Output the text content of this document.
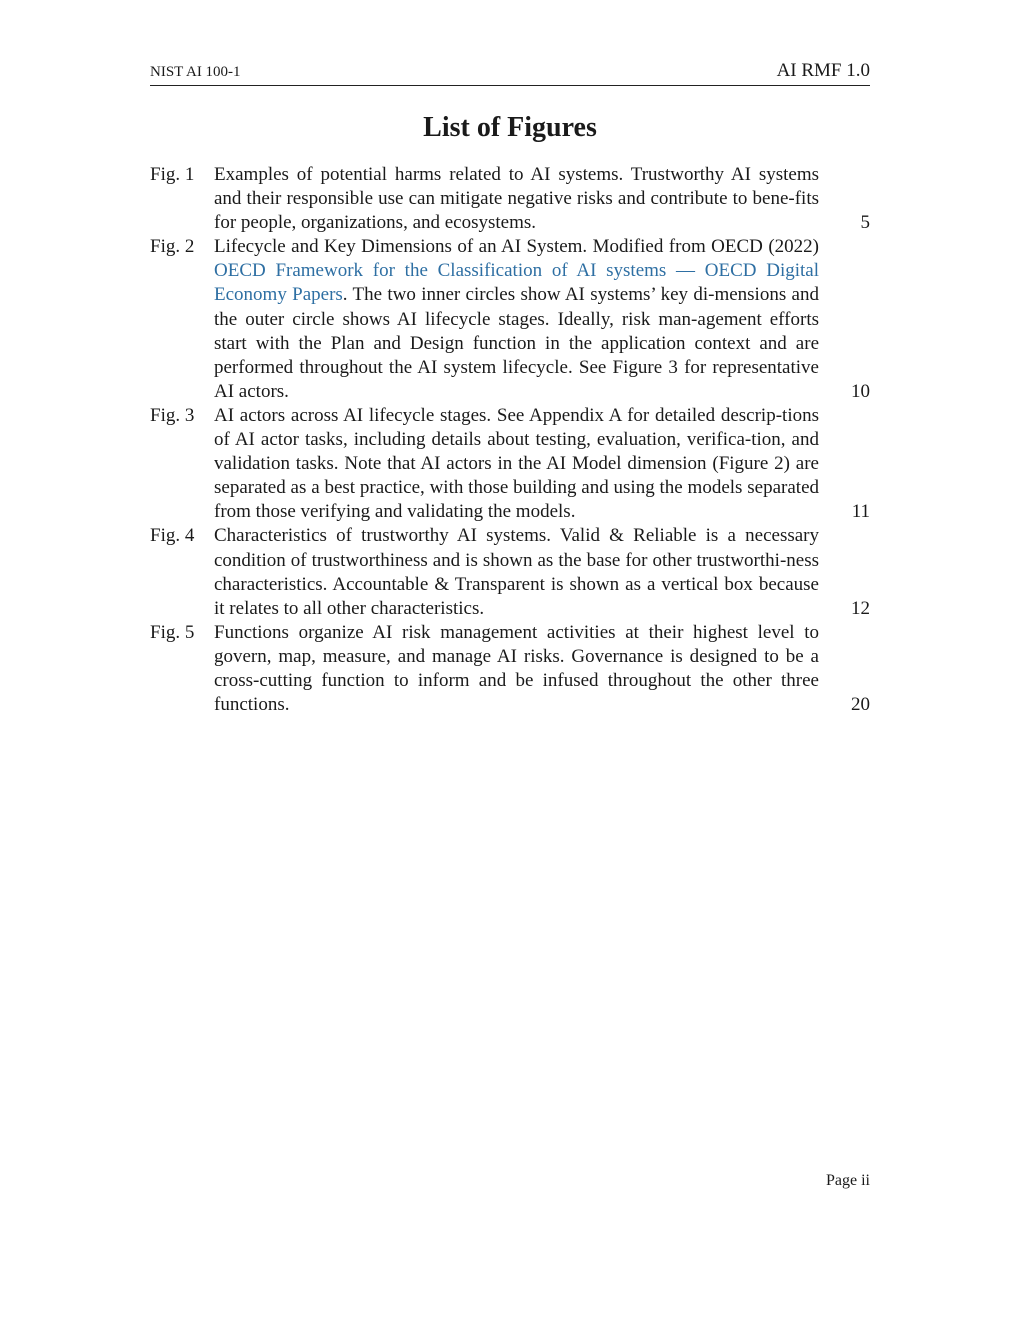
NIST AI 100-1	AI RMF 1.0
List of Figures
Fig. 1 Examples of potential harms related to AI systems. Trustworthy AI systems and their responsible use can mitigate negative risks and contribute to bene-fits for people, organizations, and ecosystems.	5
Fig. 2 Lifecycle and Key Dimensions of an AI System. Modified from OECD (2022) OECD Framework for the Classification of AI systems — OECD Digital Economy Papers. The two inner circles show AI systems’ key di-mensions and the outer circle shows AI lifecycle stages. Ideally, risk man-agement efforts start with the Plan and Design function in the application context and are performed throughout the AI system lifecycle. See Figure 3 for representative AI actors.	10
Fig. 3 AI actors across AI lifecycle stages. See Appendix A for detailed descrip-tions of AI actor tasks, including details about testing, evaluation, verifica-tion, and validation tasks. Note that AI actors in the AI Model dimension (Figure 2) are separated as a best practice, with those building and using the models separated from those verifying and validating the models.	11
Fig. 4 Characteristics of trustworthy AI systems. Valid & Reliable is a necessary condition of trustworthiness and is shown as the base for other trustworthi-ness characteristics. Accountable & Transparent is shown as a vertical box because it relates to all other characteristics.	12
Fig. 5 Functions organize AI risk management activities at their highest level to govern, map, measure, and manage AI risks. Governance is designed to be a cross-cutting function to inform and be infused throughout the other three functions.	20
Page ii
